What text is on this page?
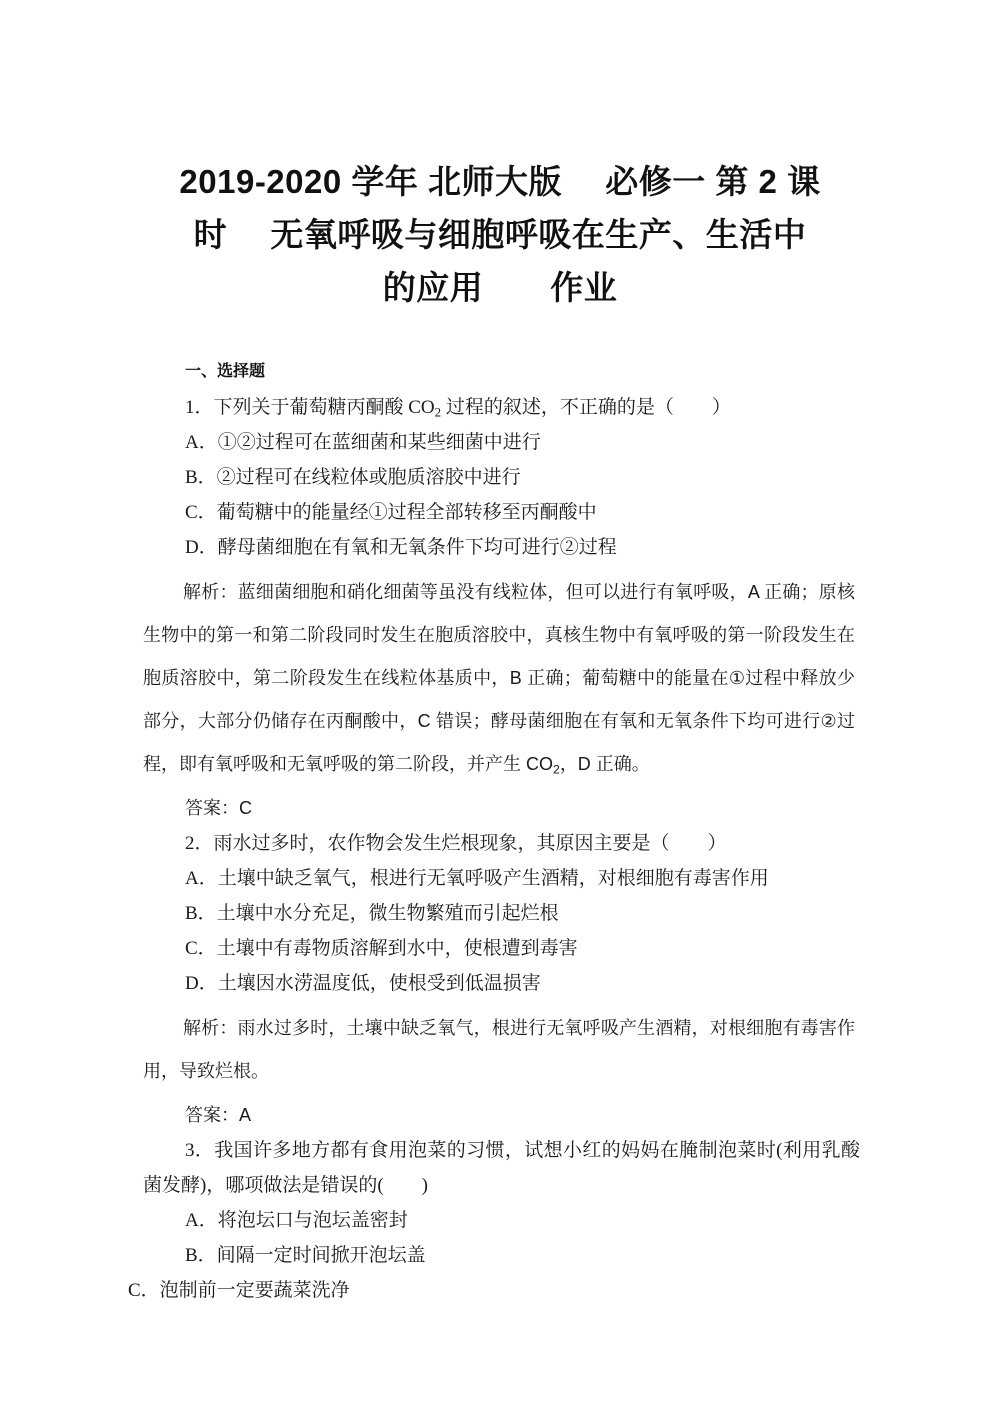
2019-2020 学年 北师大版　 必修一 第 2 课
时　 无氧呼吸与细胞呼吸在生产、生活中
的应用　　作业
一、选择题

1．下列关于葡萄糖丙酮酸 $CO_2$ 过程的叙述，不正确的是（　　）

A．①②过程可在蓝细菌和某些细菌中进行

B．②过程可在线粒体或胞质溶胶中进行

C．葡萄糖中的能量经①过程全部转移至丙酮酸中

D．酵母菌细胞在有氧和无氧条件下均可进行②过程

解析：蓝细菌细胞和硝化细菌等虽没有线粒体，但可以进行有氧呼吸，A 正确；原核生物中的第一和第二阶段同时发生在胞质溶胶中，真核生物中有氧呼吸的第一阶段发生在胞质溶胶中，第二阶段发生在线粒体基质中，B 正确；葡萄糖中的能量在①过程中释放少部分，大部分仍储存在丙酮酸中，C 错误；酵母菌细胞在有氧和无氧条件下均可进行②过程，即有氧呼吸和无氧呼吸的第二阶段，并产生 $CO_2$，D 正确。

答案：C

2．雨水过多时，农作物会发生烂根现象，其原因主要是（　　）

A．土壤中缺乏氧气，根进行无氧呼吸产生酒精，对根细胞有毒害作用

B．土壤中水分充足，微生物繁殖而引起烂根

C．土壤中有毒物质溶解到水中，使根遭到毒害

D．土壤因水涝温度低，使根受到低温损害

解析：雨水过多时，土壤中缺乏氧气，根进行无氧呼吸产生酒精，对根细胞有毒害作用，导致烂根。

答案：A

3．我国许多地方都有食用泡菜的习惯，试想小红的妈妈在腌制泡菜时(利用乳酸菌发酵)，哪项做法是错误的(　　)

A．将泡坛口与泡坛盖密封

B．间隔一定时间掀开泡坛盖

C．泡制前一定要蔬菜洗净
